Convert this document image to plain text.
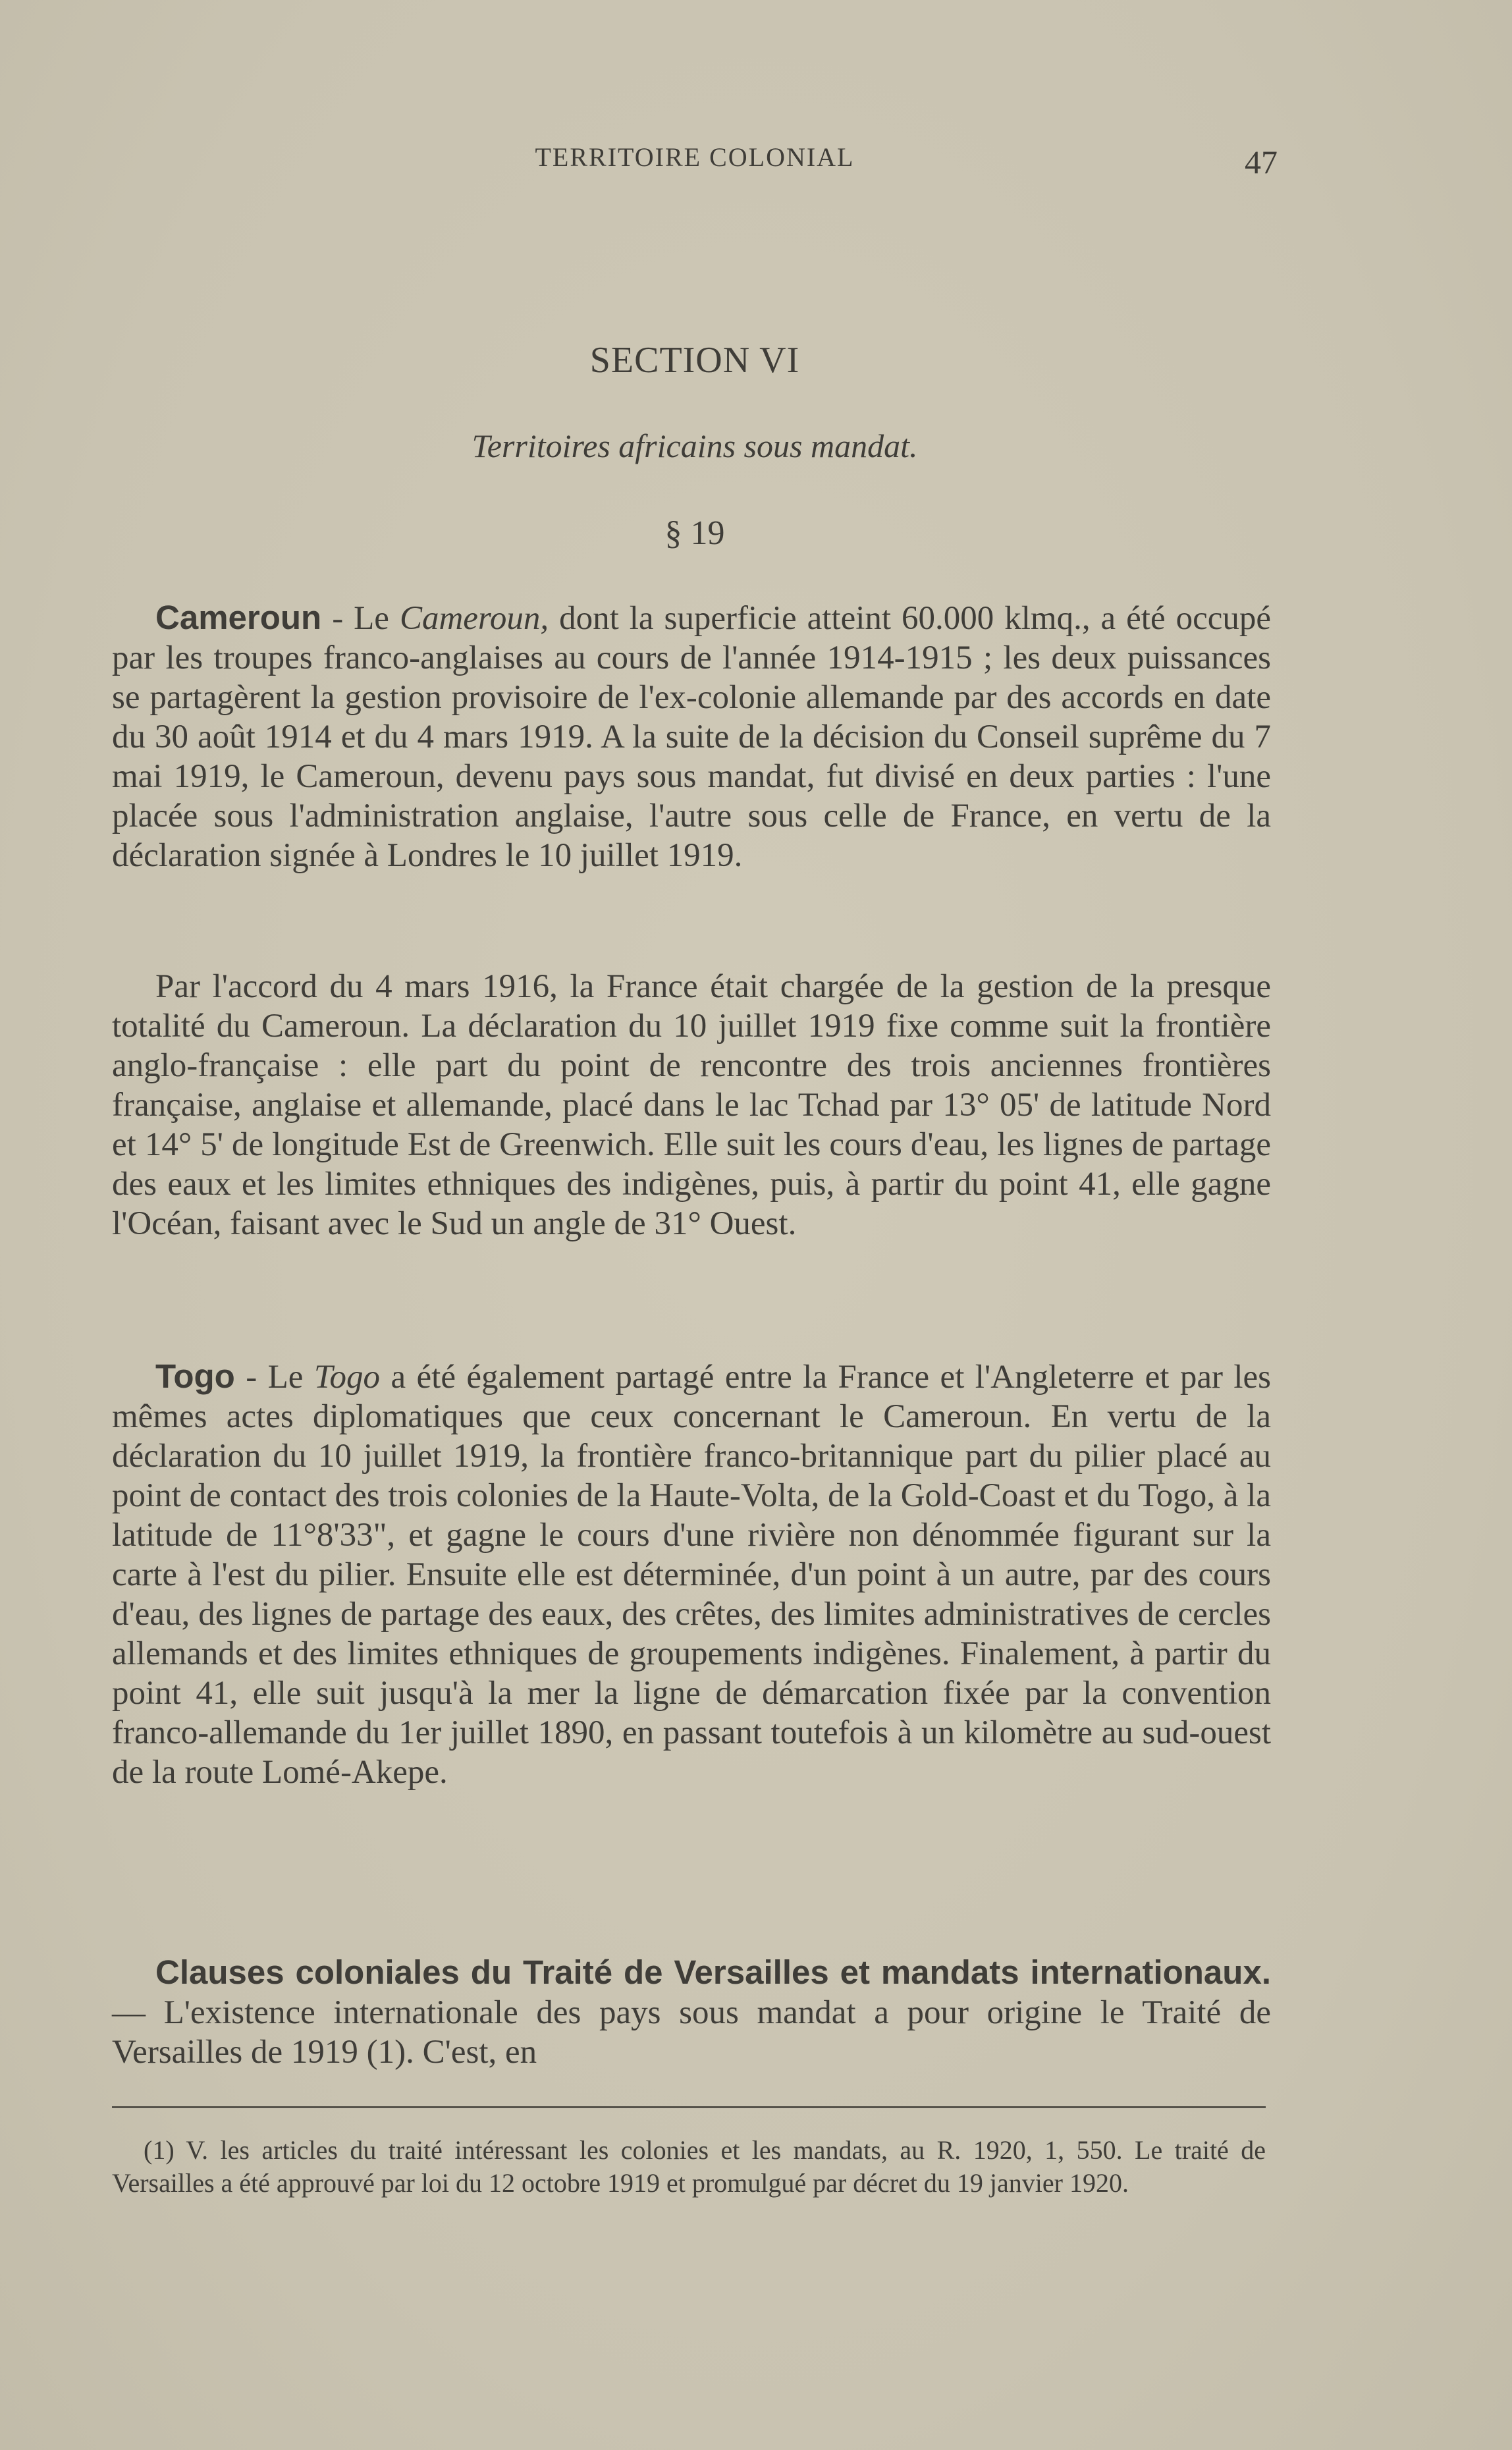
TERRITOIRE COLONIAL	47
SECTION VI
Territoires africains sous mandat.
§ 19

Cameroun - Le Cameroun, dont la superficie atteint 60.000 klmq., a été occupé par les troupes franco-anglaises au cours de l'année 1914-1915 ; les deux puissances se partagèrent la gestion provisoire de l'ex-colonie allemande par des accords en date du 30 août 1914 et du 4 mars 1919. A la suite de la décision du Conseil suprême du 7 mai 1919, le Cameroun, devenu pays sous mandat, fut divisé en deux parties : l'une placée sous l'administration anglaise, l'autre sous celle de France, en vertu de la déclaration signée à Londres le 10 juillet 1919.

Par l'accord du 4 mars 1916, la France était chargée de la gestion de la presque totalité du Cameroun. La déclaration du 10 juillet 1919 fixe comme suit la frontière anglo-française : elle part du point de rencontre des trois anciennes frontières française, anglaise et allemande, placé dans le lac Tchad par 13° 05' de latitude Nord et 14° 5' de longitude Est de Greenwich. Elle suit les cours d'eau, les lignes de partage des eaux et les limites ethniques des indigènes, puis, à partir du point 41, elle gagne l'Océan, faisant avec le Sud un angle de 31° Ouest.

Togo - Le Togo a été également partagé entre la France et l'Angleterre et par les mêmes actes diplomatiques que ceux concernant le Cameroun. En vertu de la déclaration du 10 juillet 1919, la frontière franco-britannique part du pilier placé au point de contact des trois colonies de la Haute-Volta, de la Gold-Coast et du Togo, à la latitude de 11°8'33", et gagne le cours d'une rivière non dénommée figurant sur la carte à l'est du pilier. Ensuite elle est déterminée, d'un point à un autre, par des cours d'eau, des lignes de partage des eaux, des crêtes, des limites administratives de cercles allemands et des limites ethniques de groupements indigènes. Finalement, à partir du point 41, elle suit jusqu'à la mer la ligne de démarcation fixée par la convention franco-allemande du 1er juillet 1890, en passant toutefois à un kilomètre au sud-ouest de la route Lomé-Akepe.

Clauses coloniales du Traité de Versailles et mandats internationaux. — L'existence internationale des pays sous mandat a pour origine le Traité de Versailles de 1919 (1). C'est, en

(1) V. les articles du traité intéressant les colonies et les mandats, au R. 1920, 1, 550. Le traité de Versailles a été approuvé par loi du 12 octobre 1919 et promulgué par décret du 19 janvier 1920.
